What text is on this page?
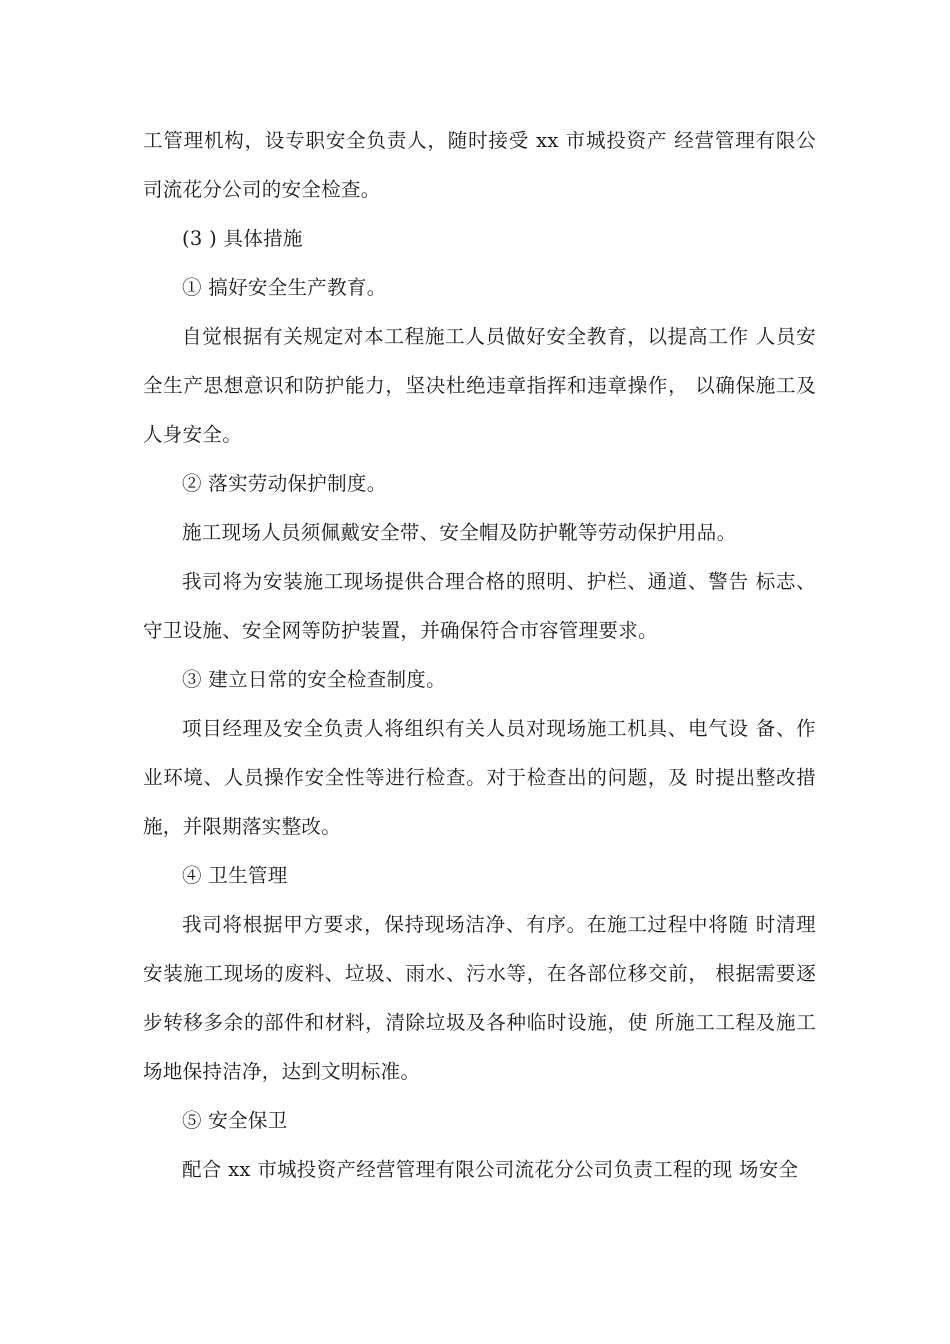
工管理机构，设专职安全负责人，随时接受 xx 市城投资产 经营管理有限公司流花分公司的安全检查。

(3 ) 具体措施

① 搞好安全生产教育。

自觉根据有关规定对本工程施工人员做好安全教育，以提高工作 人员安全生产思想意识和防护能力，坚决杜绝违章指挥和违章操作， 以确保施工及人身安全。

② 落实劳动保护制度。

施工现场人员须佩戴安全带、安全帽及防护靴等劳动保护用品。

我司将为安装施工现场提供合理合格的照明、护栏、通道、警告 标志、守卫设施、安全网等防护装置，并确保符合市容管理要求。

③ 建立日常的安全检查制度。

项目经理及安全负责人将组织有关人员对现场施工机具、电气设 备、作业环境、人员操作安全性等进行检查。对于检查出的问题，及 时提出整改措施，并限期落实整改。

④ 卫生管理

我司将根据甲方要求，保持现场洁净、有序。在施工过程中将随 时清理安装施工现场的废料、垃圾、雨水、污水等，在各部位移交前， 根据需要逐步转移多余的部件和材料，清除垃圾及各种临时设施，使 所施工工程及施工场地保持洁净，达到文明标准。

⑤ 安全保卫

配合 xx 市城投资产经营管理有限公司流花分公司负责工程的现 场安全
